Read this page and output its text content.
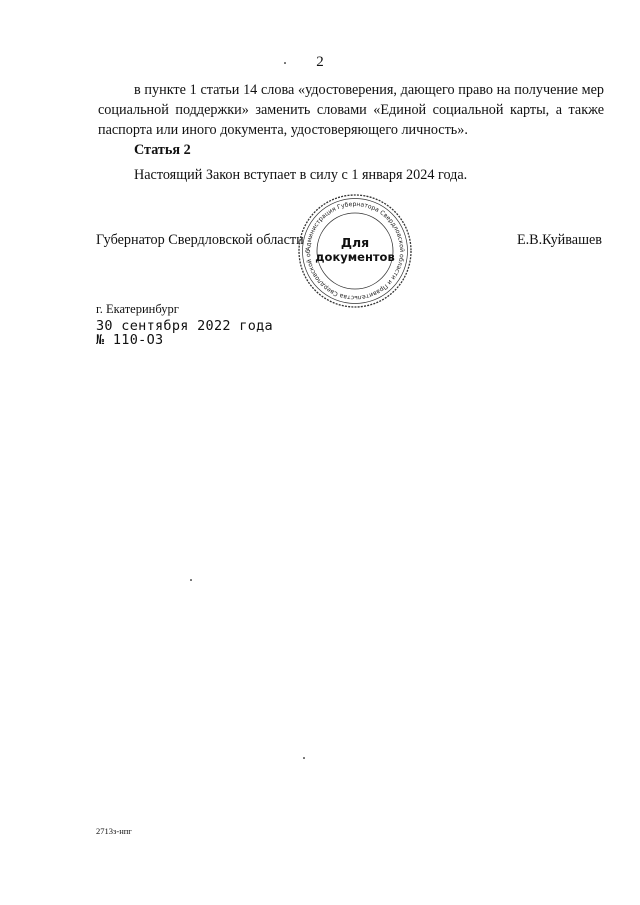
2
в пункте 1 статьи 14 слова «удостоверения, дающего право на получение мер социальной поддержки» заменить словами «Единой социальной карты, а также паспорта или иного документа, удостоверяющего личность».
Статья 2
Настоящий Закон вступает в силу с 1 января 2024 года.
Губернатор Свердловской области	Е.В.Куйвашев
Администрация Губернатора Свердловской области и Правительства Свердловской об
Для
документов
г. Екатеринбург
30 сентября 2022 года
№ 110-ОЗ
2713з-нпг
